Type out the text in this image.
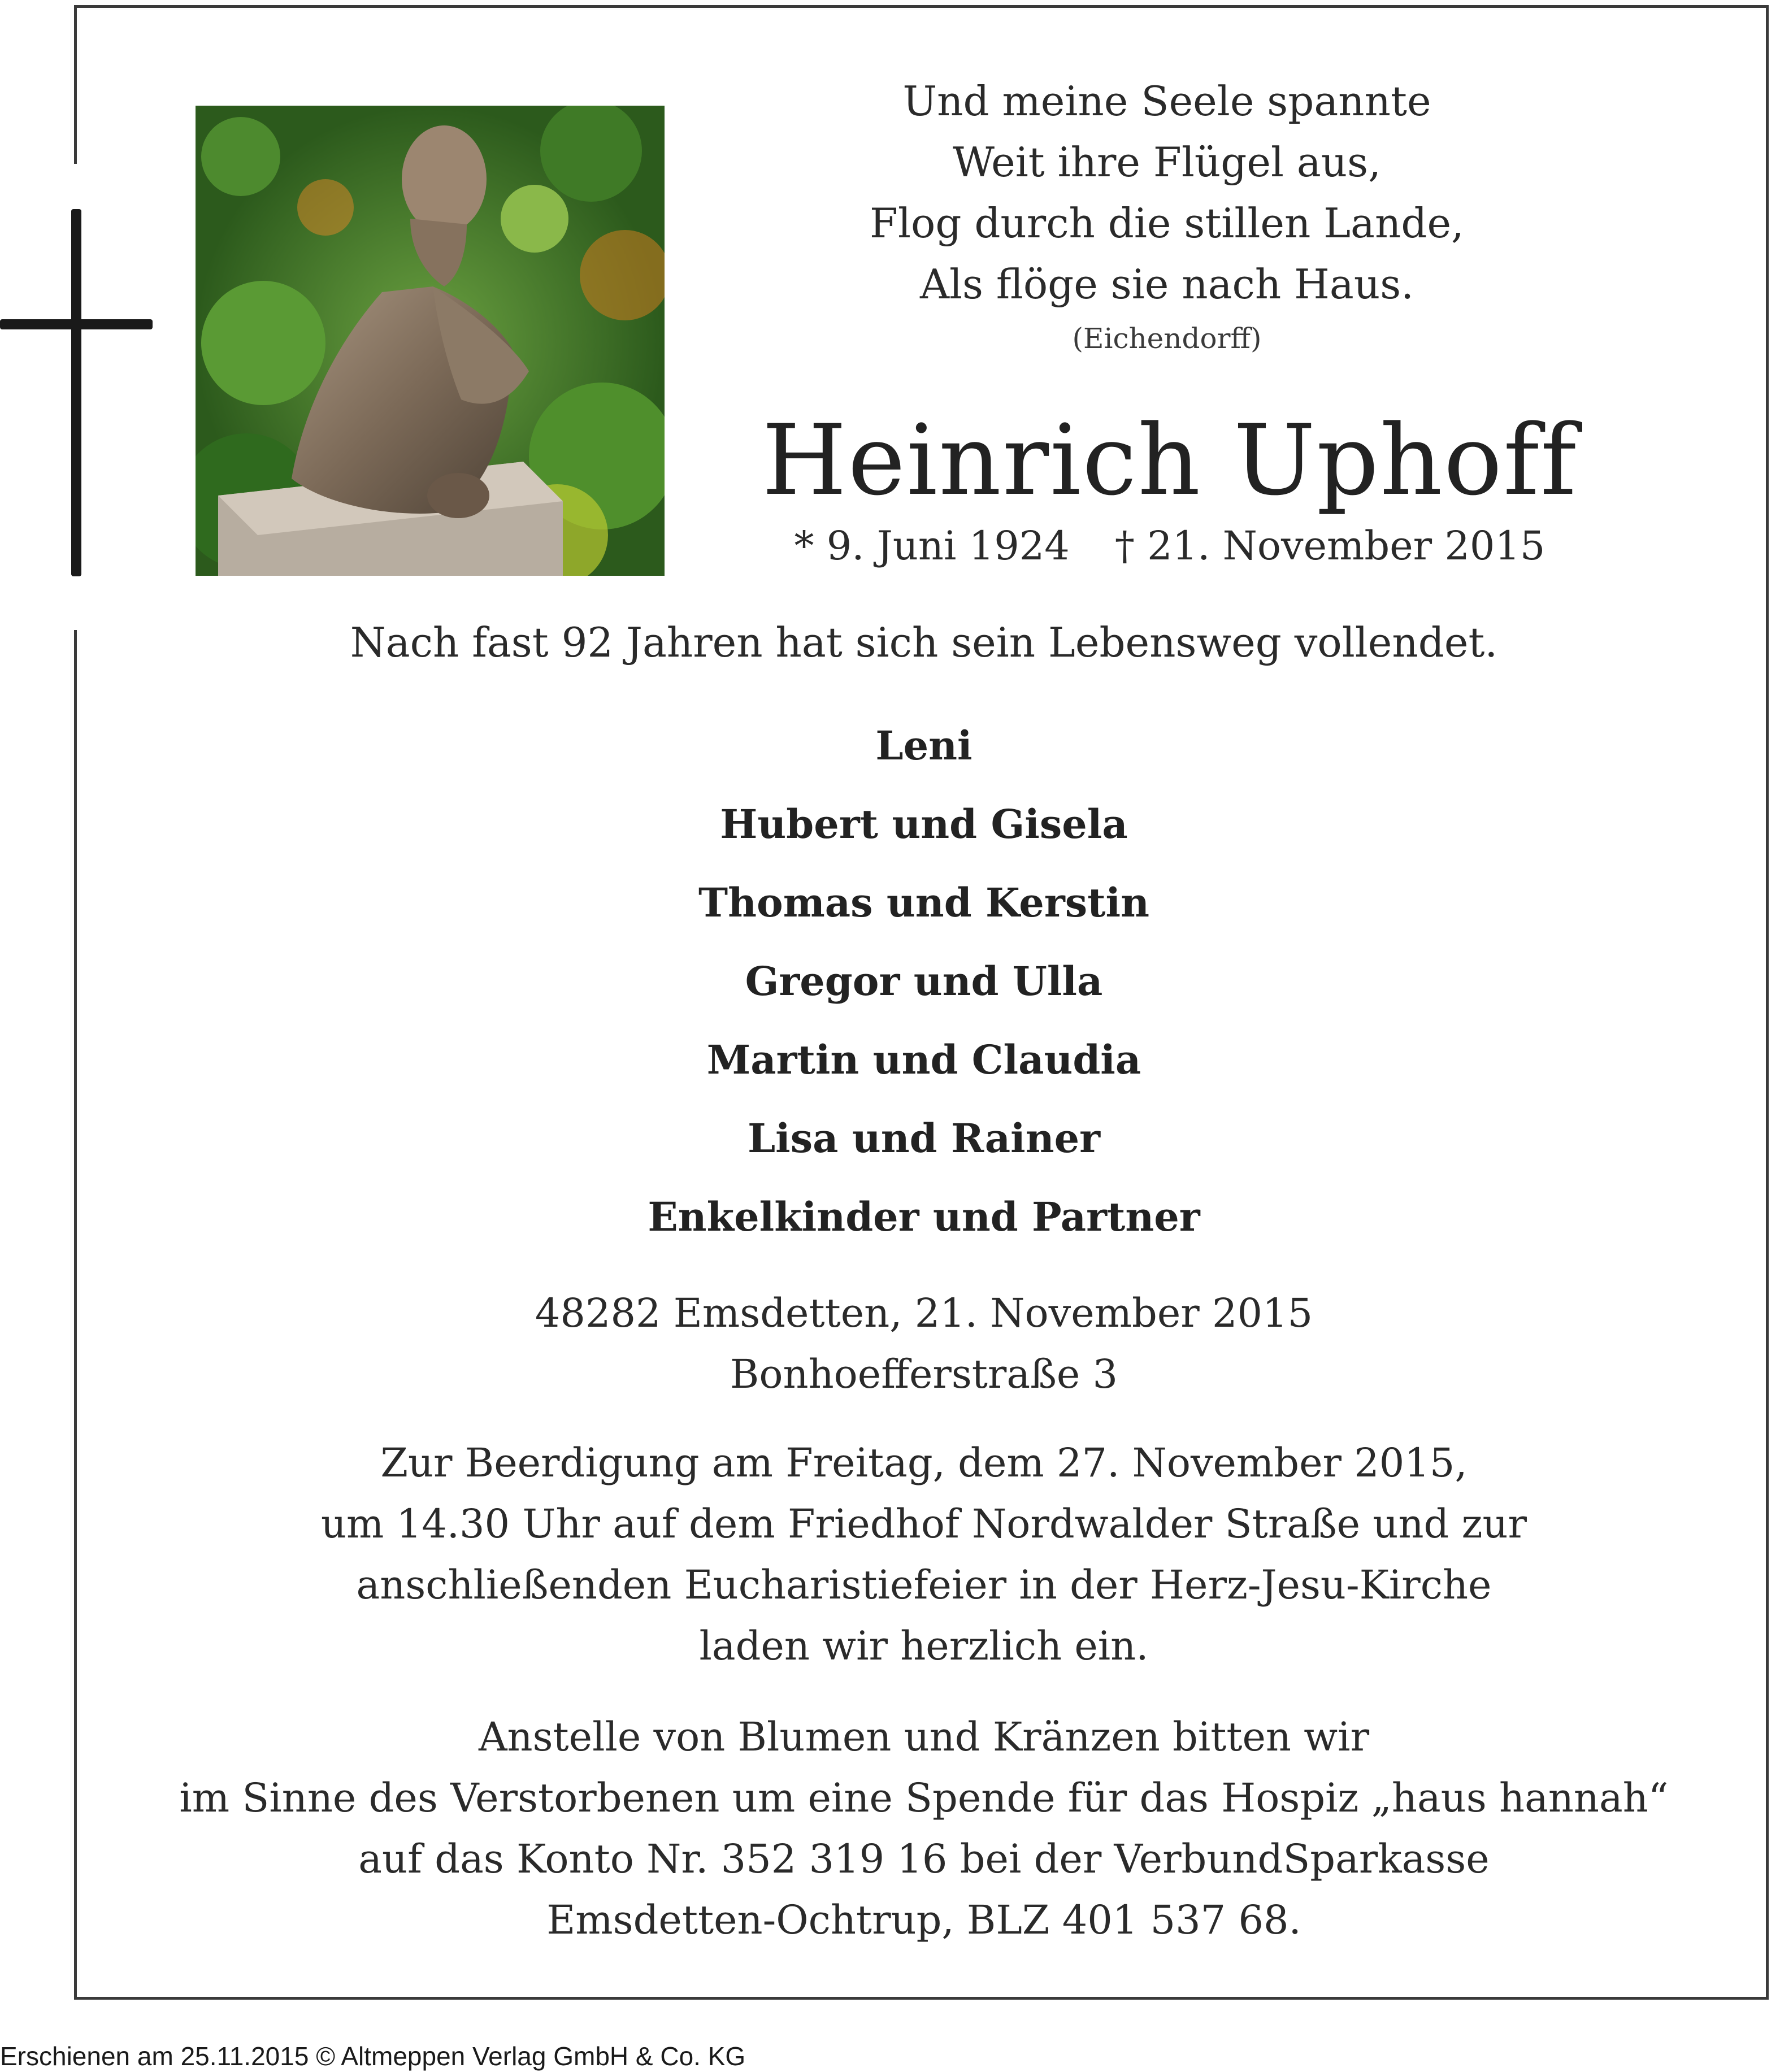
Und meine Seele spannte
Weit ihre Flügel aus,
Flog durch die stillen Lande,
Als flöge sie nach Haus.
(Eichendorff)
Heinrich Uphoff
* 9. Juni 1924 † 21. November 2015
Nach fast 92 Jahren hat sich sein Lebensweg vollendet.
Leni
Hubert und Gisela
Thomas und Kerstin
Gregor und Ulla
Martin und Claudia
Lisa und Rainer
Enkelkinder und Partner
48282 Emsdetten, 21. November 2015
Bonhoefferstraße 3
Zur Beerdigung am Freitag, dem 27. November 2015,
um 14.30 Uhr auf dem Friedhof Nordwalder Straße und zur
anschließenden Eucharistiefeier in der Herz-Jesu-Kirche
laden wir herzlich ein.
Anstelle von Blumen und Kränzen bitten wir
im Sinne des Verstorbenen um eine Spende für das Hospiz „haus hannah“
auf das Konto Nr. 352 319 16 bei der VerbundSparkasse
Emsdetten-Ochtrup, BLZ 401 537 68.
Erschienen am 25.11.2015 © Altmeppen Verlag GmbH & Co. KG
